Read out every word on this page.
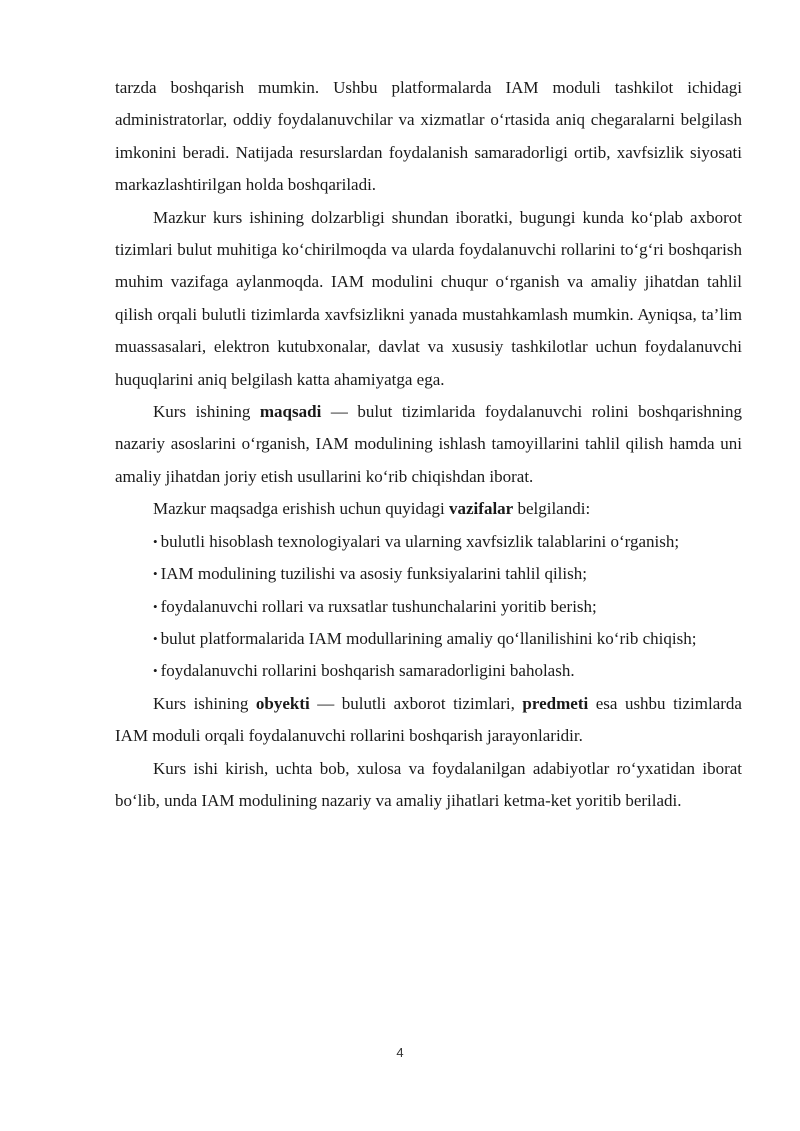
tarzda boshqarish mumkin. Ushbu platformalarda IAM moduli tashkilot ichidagi administratorlar, oddiy foydalanuvchilar va xizmatlar o‘rtasida aniq chegaralarni belgilash imkonini beradi. Natijada resurslardan foydalanish samaradorligi ortib, xavfsizlik siyosati markazlashtirilgan holda boshqariladi.

Mazkur kurs ishining dolzarbligi shundan iboratki, bugungi kunda ko‘plab axborot tizimlari bulut muhitiga ko‘chirilmoqda va ularda foydalanuvchi rollarini to‘g‘ri boshqarish muhim vazifaga aylanmoqda. IAM modulini chuqur o‘rganish va amaliy jihatdan tahlil qilish orqali bulutli tizimlarda xavfsizlikni yanada mustahkamlash mumkin. Ayniqsa, ta’lim muassasalari, elektron kutubxonalar, davlat va xususiy tashkilotlar uchun foydalanuvchi huquqlarini aniq belgilash katta ahamiyatga ega.

Kurs ishining maqsadi — bulut tizimlarida foydalanuvchi rolini boshqarishning nazariy asoslarini o‘rganish, IAM modulining ishlash tamoyillarini tahlil qilish hamda uni amaliy jihatdan joriy etish usullarini ko‘rib chiqishdan iborat.

Mazkur maqsadga erishish uchun quyidagi vazifalar belgilandi:

• bulutli hisoblash texnologiyalari va ularning xavfsizlik talablarini o‘rganish;

• IAM modulining tuzilishi va asosiy funksiyalarini tahlil qilish;

• foydalanuvchi rollari va ruxsatlar tushunchalarini yoritib berish;

• bulut platformalarida IAM modullarining amaliy qo‘llanilishini ko‘rib chiqish;

• foydalanuvchi rollarini boshqarish samaradorligini baholash.

Kurs ishining obyekti — bulutli axborot tizimlari, predmeti esa ushbu tizimlarda IAM moduli orqali foydalanuvchi rollarini boshqarish jarayonlaridir.

Kurs ishi kirish, uchta bob, xulosa va foydalanilgan adabiyotlar ro‘yxatidan iborat bo‘lib, unda IAM modulining nazariy va amaliy jihatlari ketma-ket yoritib beriladi.

4
